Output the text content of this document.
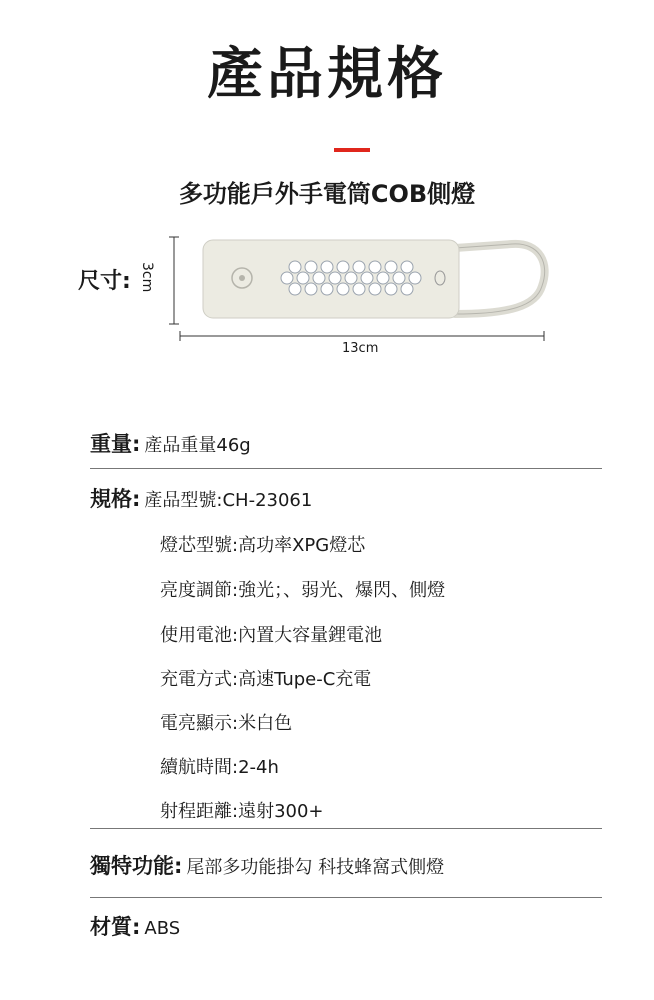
產品規格
多功能戶外手電筒COB側燈
尺寸: 3cm
13cm
重量: 產品重量46g
規格: 產品型號:CH-23061
燈芯型號:高功率XPG燈芯
亮度調節:強光；、弱光、爆閃、側燈
使用電池:內置大容量鋰電池
充電方式:高速Tupe-C充電
電亮顯示:米白色
續航時間:2-4h
射程距離:遠射300+
獨特功能: 尾部多功能掛勾 科技蜂窩式側燈
材質: ABS
